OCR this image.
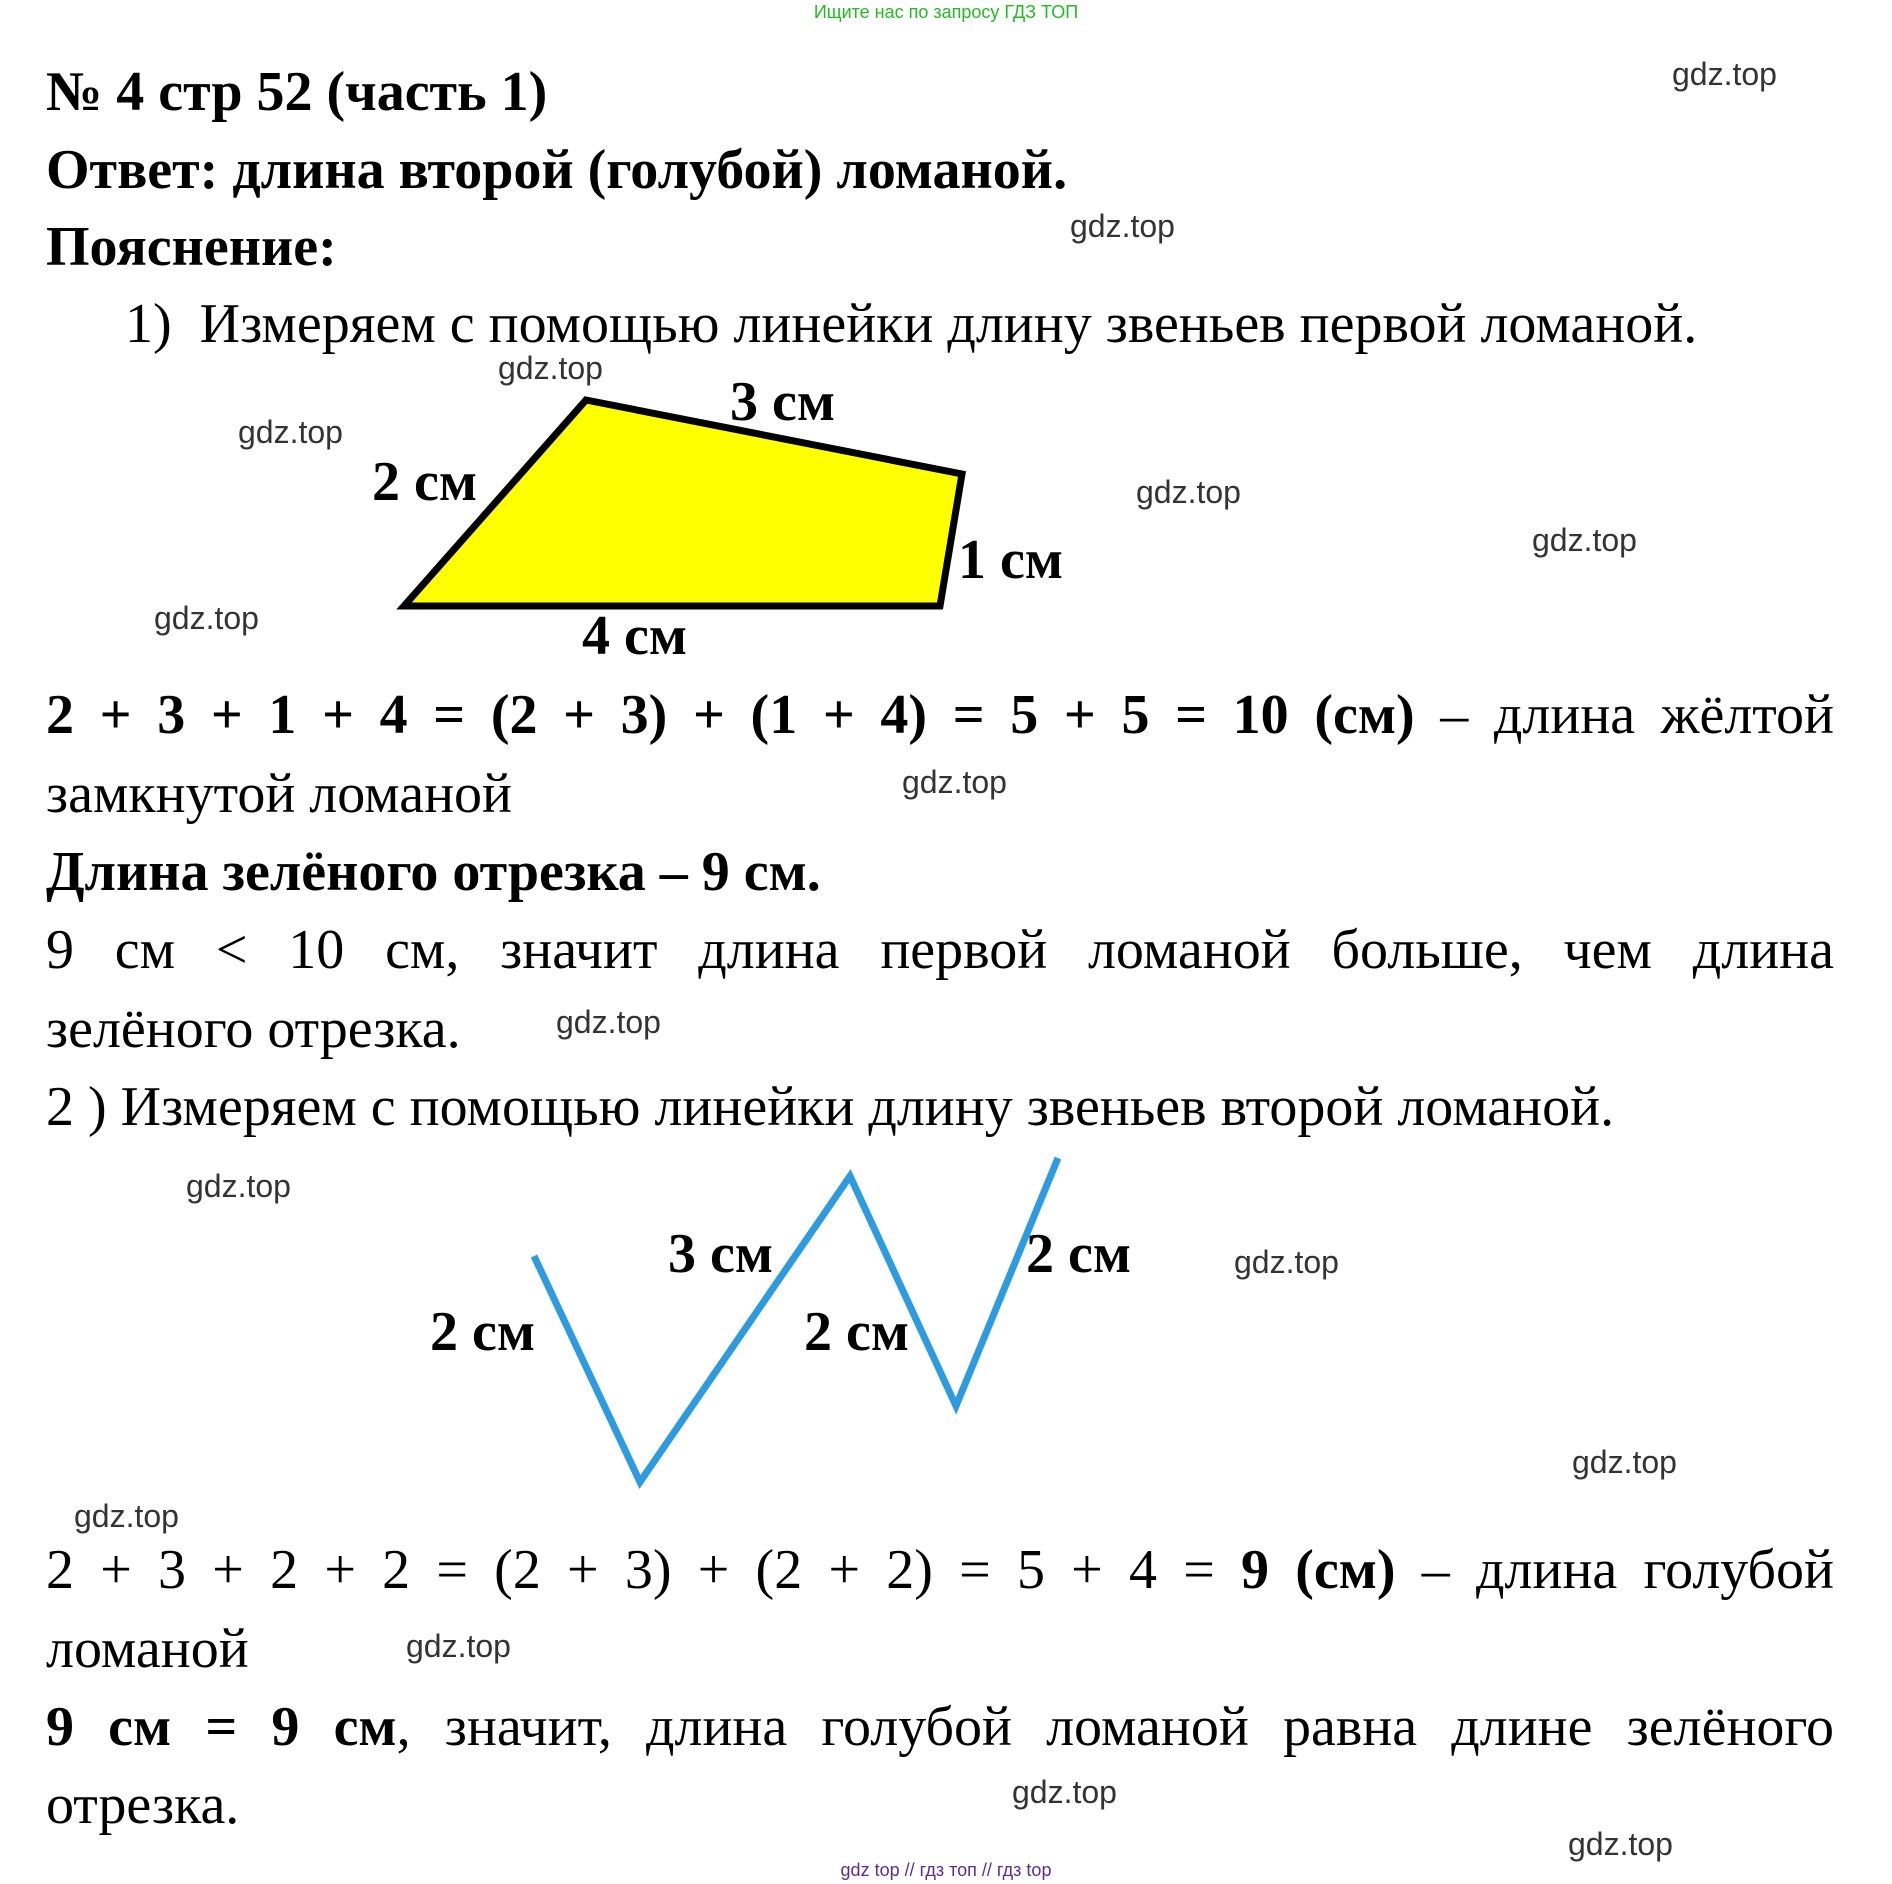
Ищите нас по запросу ГДЗ ТОП
№ 4 стр 52 (часть 1)
Ответ: длина второй (голубой) ломаной.
Пояснение:
1) Измеряем с помощью линейки длину звеньев первой ломаной.
2 см
3 см
1 см
4 см
2 + 3 + 1 + 4 = (2 + 3) + (1 + 4) = 5 + 5 = 10 (см) – длина жёлтой
замкнутой ломаной
Длина зелёного отрезка – 9 см.
9 см < 10 см, значит длина первой ломаной больше, чем длина
зелёного отрезка.
2 ) Измеряем с помощью линейки длину звеньев второй ломаной.
2 см
3 см
2 см
2 см
2 + 3 + 2 + 2 = (2 + 3) + (2 + 2) = 5 + 4 = 9 (см) – длина голубой
ломаной
9 см = 9 см, значит, длина голубой ломаной равна длине зелёного
отрезка.
gdz.top
gdz.top
gdz.top
gdz.top
gdz.top
gdz.top
gdz.top
gdz.top
gdz.top
gdz.top
gdz.top
gdz.top
gdz.top
gdz.top
gdz.top
gdz.top
gdz top // гдз топ // гдз top
